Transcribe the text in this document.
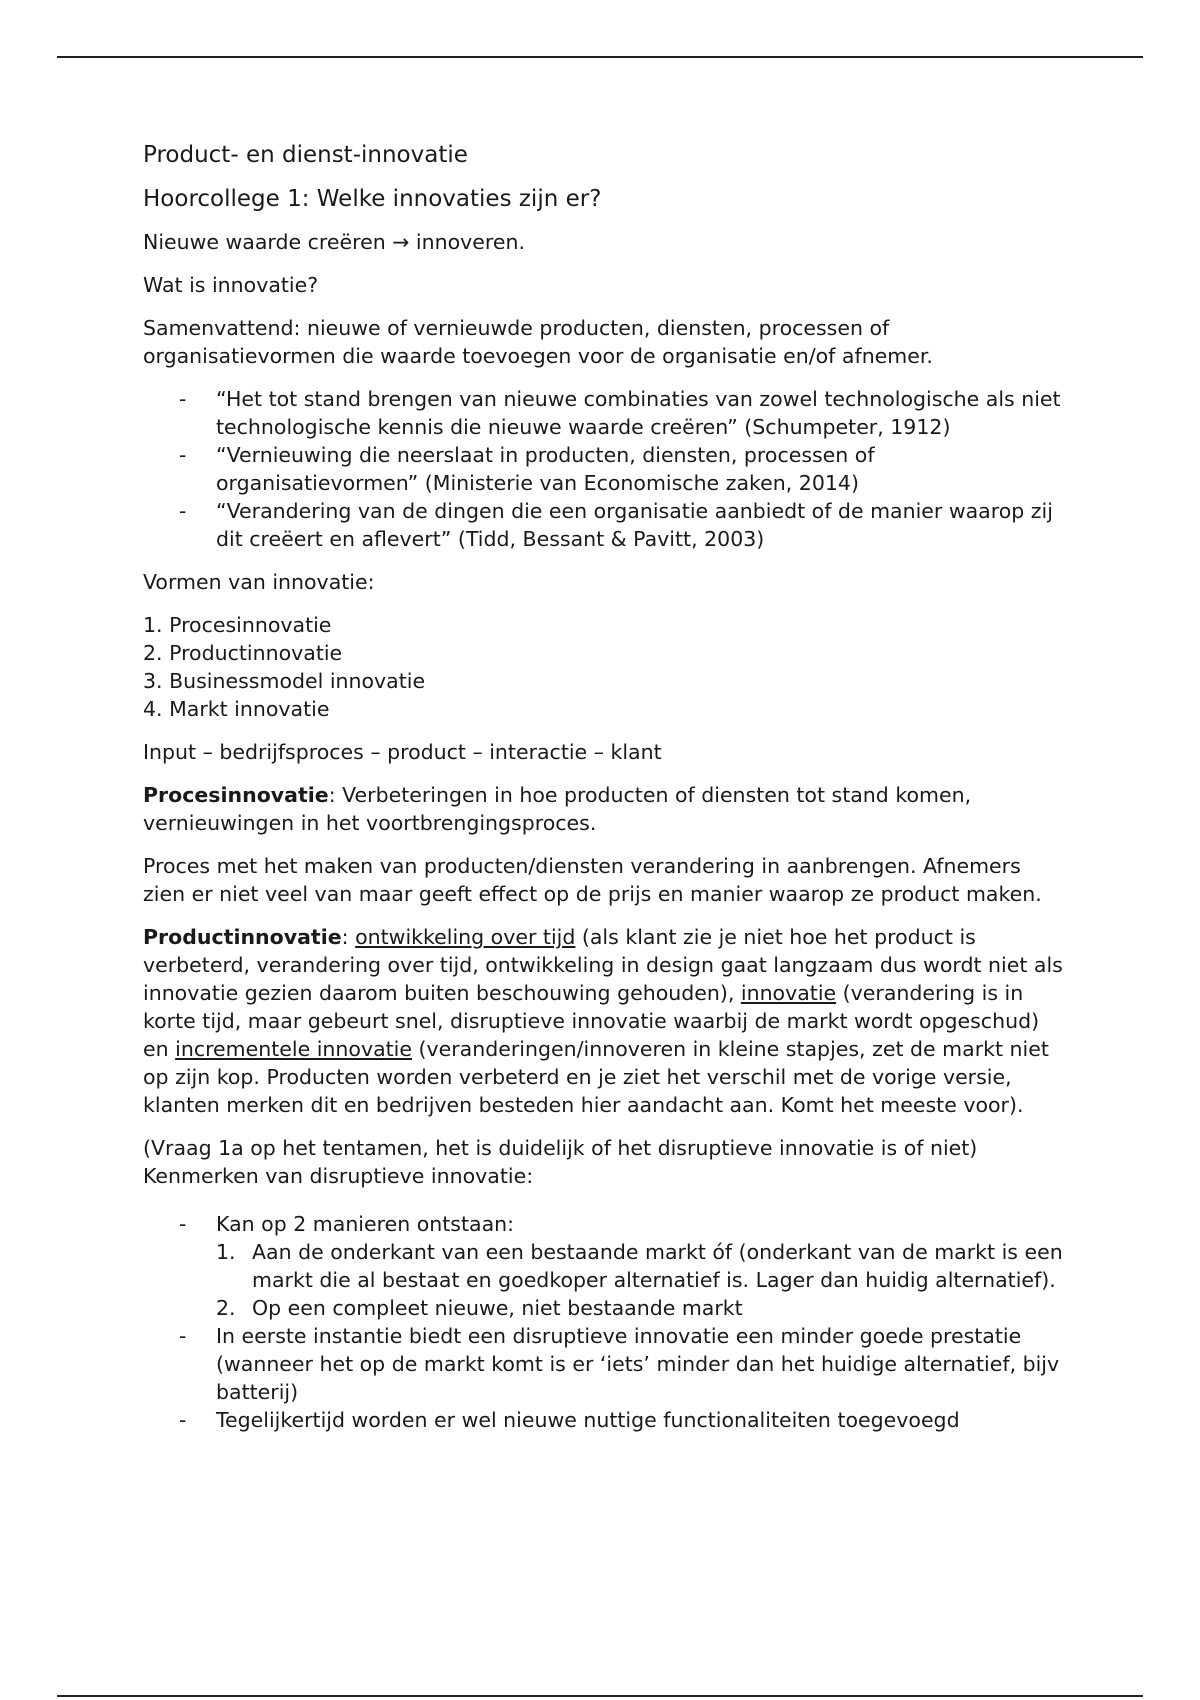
Product- en dienst-innovatie
Hoorcollege 1: Welke innovaties zijn er?

Nieuwe waarde creëren → innoveren.

Wat is innovatie?

Samenvattend: nieuwe of vernieuwde producten, diensten, processen of organisatievormen die waarde toevoegen voor de organisatie en/of afnemer.

- “Het tot stand brengen van nieuwe combinaties van zowel technologische als niet technologische kennis die nieuwe waarde creëren” (Schumpeter, 1912)
- “Vernieuwing die neerslaat in producten, diensten, processen of organisatievormen” (Ministerie van Economische zaken, 2014)
- “Verandering van de dingen die een organisatie aanbiedt of de manier waarop zij dit creëert en aflevert” (Tidd, Bessant & Pavitt, 2003)

Vormen van innovatie:

1. Procesinnovatie
2. Productinnovatie
3. Businessmodel innovatie
4. Markt innovatie

Input – bedrijfsproces – product – interactie – klant

Procesinnovatie: Verbeteringen in hoe producten of diensten tot stand komen, vernieuwingen in het voortbrengingsproces.

Proces met het maken van producten/diensten verandering in aanbrengen. Afnemers zien er niet veel van maar geeft effect op de prijs en manier waarop ze product maken.

Productinnovatie: ontwikkeling over tijd (als klant zie je niet hoe het product is verbeterd, verandering over tijd, ontwikkeling in design gaat langzaam dus wordt niet als innovatie gezien daarom buiten beschouwing gehouden), innovatie (verandering is in korte tijd, maar gebeurt snel, disruptieve innovatie waarbij de markt wordt opgeschud) en incrementele innovatie (veranderingen/innoveren in kleine stapjes, zet de markt niet op zijn kop. Producten worden verbeterd en je ziet het verschil met de vorige versie, klanten merken dit en bedrijven besteden hier aandacht aan. Komt het meeste voor).

(Vraag 1a op het tentamen, het is duidelijk of het disruptieve innovatie is of niet)
Kenmerken van disruptieve innovatie:

- Kan op 2 manieren ontstaan:
1. Aan de onderkant van een bestaande markt óf (onderkant van de markt is een markt die al bestaat en goedkoper alternatief is. Lager dan huidig alternatief).
2. Op een compleet nieuwe, niet bestaande markt
- In eerste instantie biedt een disruptieve innovatie een minder goede prestatie (wanneer het op de markt komt is er ‘iets’ minder dan het huidige alternatief, bijv batterij)
- Tegelijkertijd worden er wel nieuwe nuttige functionaliteiten toegevoegd
